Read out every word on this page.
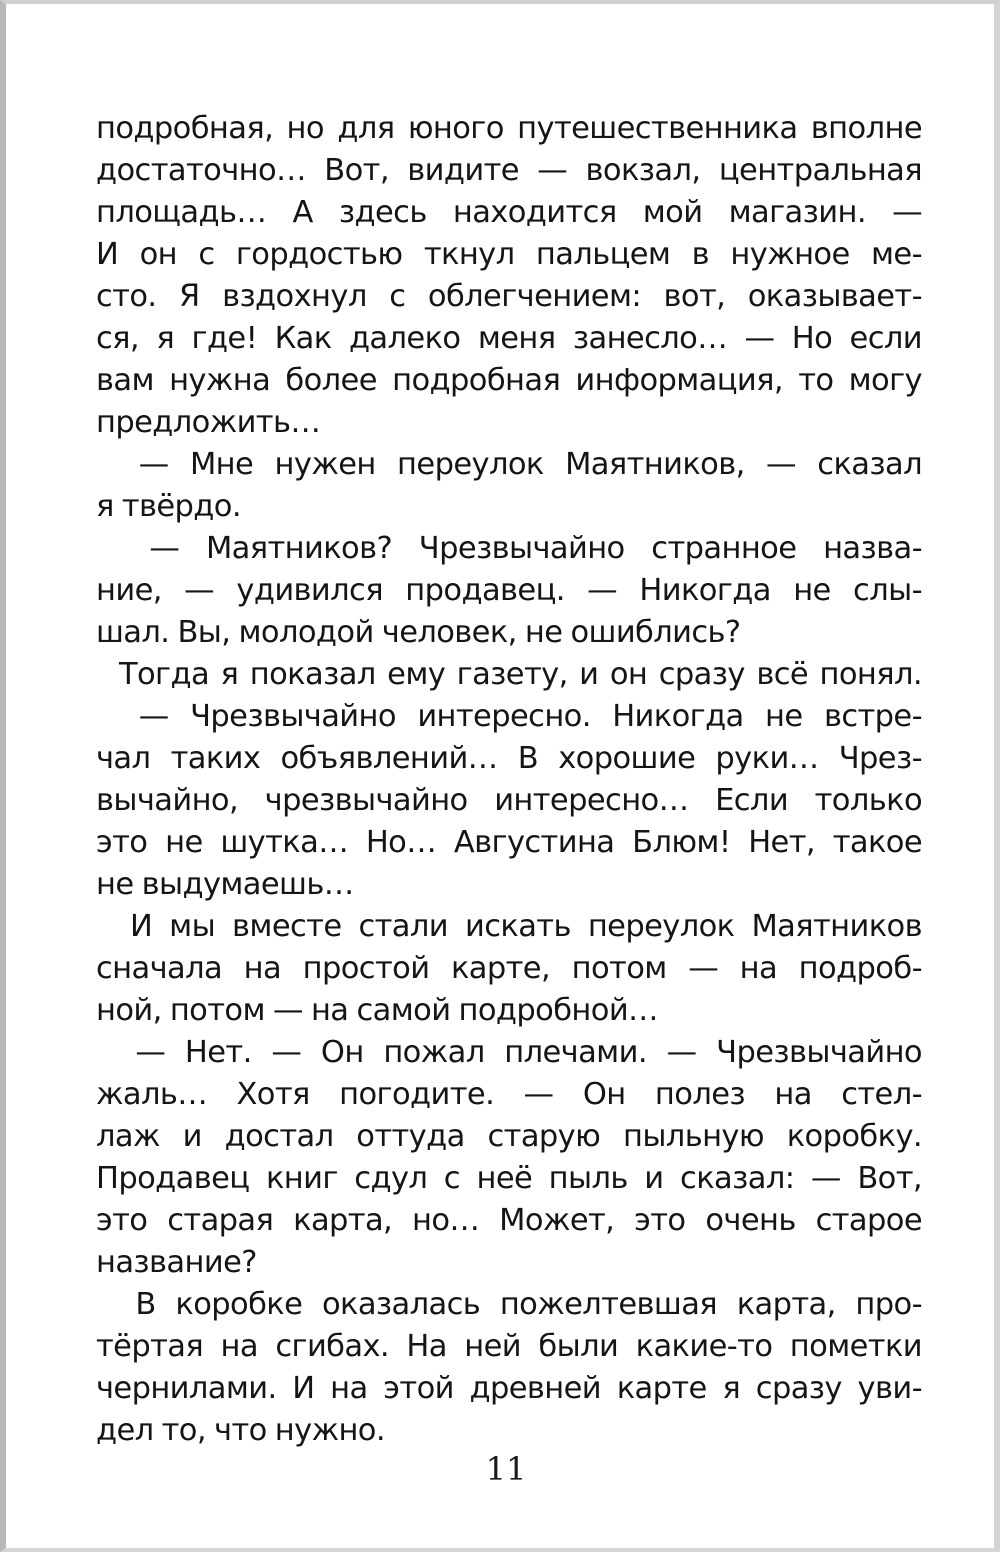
подробная, но для юного путешественника вполне
достаточно… Вот, видите — вокзал, центральная
площадь… А здесь находится мой магазин. —
И он с гордостью ткнул пальцем в нужное ме-
сто. Я вздохнул с облегчением: вот, оказывает-
ся, я где! Как далеко меня занесло… — Но если
вам нужна более подробная информация, то могу
предложить…
— Мне нужен переулок Маятников, — сказал
я твёрдо.
— Маятников? Чрезвычайно странное назва-
ние, — удивился продавец. — Никогда не слы-
шал. Вы, молодой человек, не ошиблись?
Тогда я показал ему газету, и он сразу всё понял.
— Чрезвычайно интересно. Никогда не встре-
чал таких объявлений… В хорошие руки… Чрез-
вычайно, чрезвычайно интересно… Если только
это не шутка… Но… Августина Блюм! Нет, такое
не выдумаешь…
И мы вместе стали искать переулок Маятников
сначала на простой карте, потом — на подроб-
ной, потом — на самой подробной…
— Нет. — Он пожал плечами. — Чрезвычайно
жаль… Хотя погодите. — Он полез на стел-
лаж и достал оттуда старую пыльную коробку.
Продавец книг сдул с неё пыль и сказал: — Вот,
это старая карта, но… Может, это очень старое
название?
В коробке оказалась пожелтевшая карта, про-
тёртая на сгибах. На ней были какие-то пометки
чернилами. И на этой древней карте я сразу уви-
дел то, что нужно.
11
